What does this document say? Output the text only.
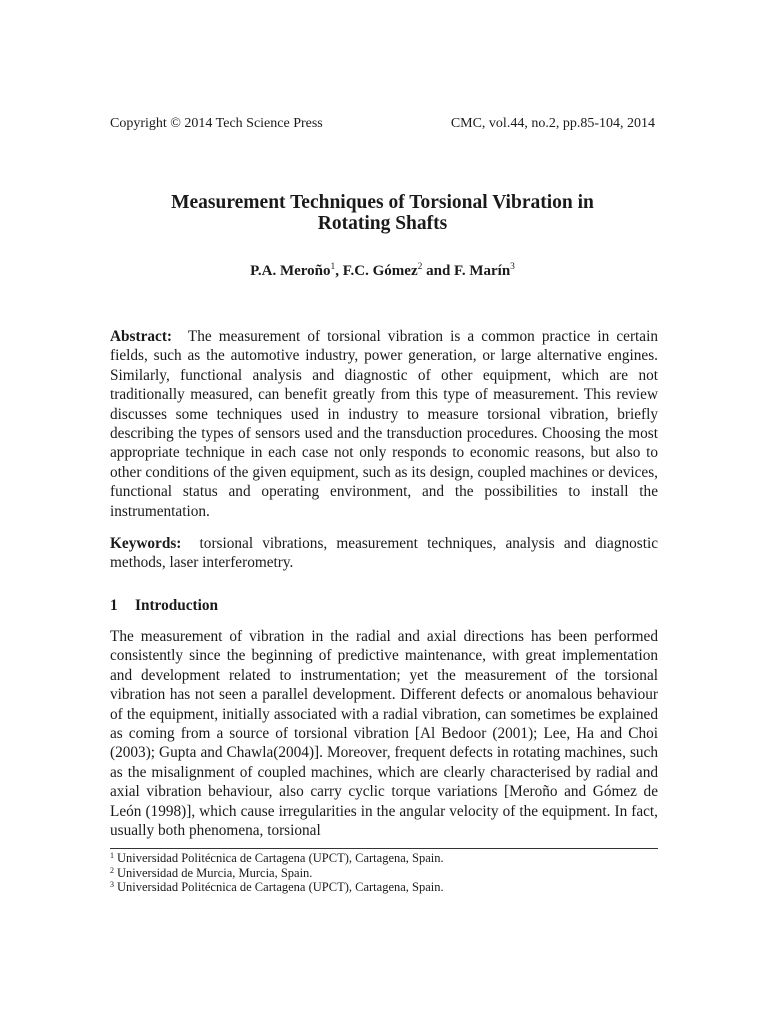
Copyright © 2014 Tech Science Press	CMC, vol.44, no.2, pp.85-104, 2014
Measurement Techniques of Torsional Vibration in
Rotating Shafts
P.A. Meroño$^1$, F.C. Gómez$^2$ and F. Marín$^3$

Abstract: The measurement of torsional vibration is a common practice in certain fields, such as the automotive industry, power generation, or large alternative engines. Similarly, functional analysis and diagnostic of other equipment, which are not traditionally measured, can benefit greatly from this type of measurement. This review discusses some techniques used in industry to measure torsional vibration, briefly describing the types of sensors used and the transduction procedures. Choosing the most appropriate technique in each case not only responds to economic reasons, but also to other conditions of the given equipment, such as its design, coupled machines or devices, functional status and operating environment, and the possibilities to install the instrumentation.

Keywords: torsional vibrations, measurement techniques, analysis and diagnostic methods, laser interferometry.

1 Introduction

The measurement of vibration in the radial and axial directions has been performed consistently since the beginning of predictive maintenance, with great implementation and development related to instrumentation; yet the measurement of the torsional vibration has not seen a parallel development. Different defects or anomalous behaviour of the equipment, initially associated with a radial vibration, can sometimes be explained as coming from a source of torsional vibration [Al Bedoor (2001); Lee, Ha and Choi (2003); Gupta and Chawla(2004)]. Moreover, frequent defects in rotating machines, such as the misalignment of coupled machines, which are clearly characterised by radial and axial vibration behaviour, also carry cyclic torque variations [Meroño and Gómez de León (1998)], which cause irregularities in the angular velocity of the equipment. In fact, usually both phenomena, torsional

$^1$ Universidad Politécnica de Cartagena (UPCT), Cartagena, Spain.
$^2$ Universidad de Murcia, Murcia, Spain.
$^3$ Universidad Politécnica de Cartagena (UPCT), Cartagena, Spain.
